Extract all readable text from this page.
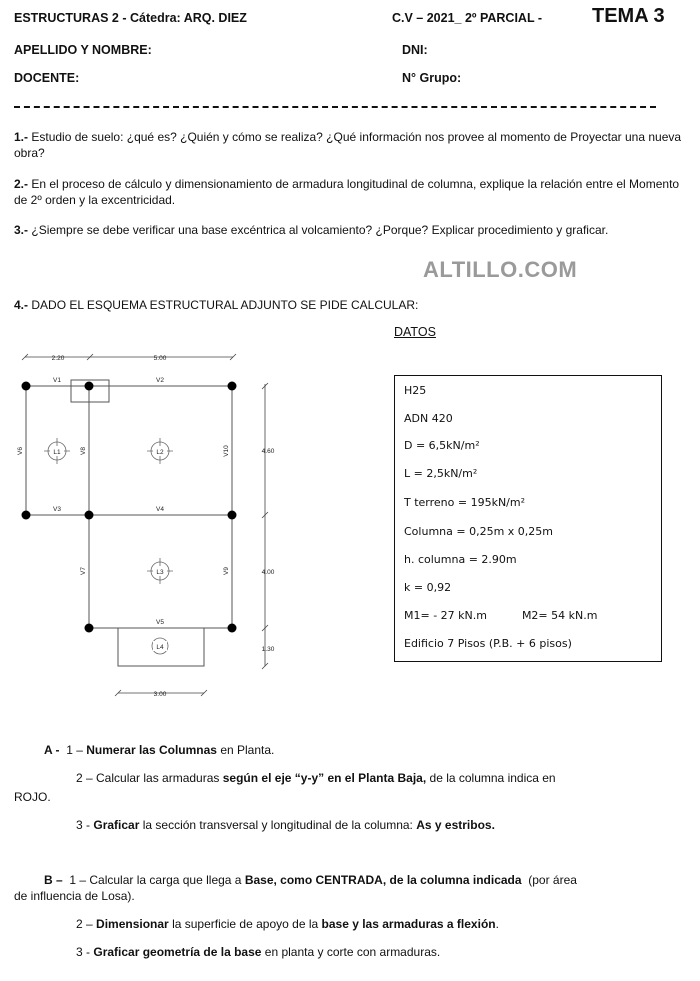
ESTRUCTURAS 2 - Cátedra: ARQ. DIEZ	C.V – 2021_ 2º PARCIAL -	TEMA 3
APELLIDO Y NOMBRE:	DNI:
DOCENTE:	N° Grupo:
1.- Estudio de suelo: ¿qué es? ¿Quién y cómo se realiza? ¿Qué información nos provee al momento de Proyectar una nueva obra?
2.- En el proceso de cálculo y dimensionamiento de armadura longitudinal de columna, explique la relación entre el Momento de 2º orden y la excentricidad.
3.- ¿Siempre se debe verificar una base excéntrica al volcamiento? ¿Porque? Explicar procedimiento y graficar.
ALTILLO.COM
4.- DADO EL ESQUEMA ESTRUCTURAL ADJUNTO SE PIDE CALCULAR:
DATOS
H25
ADN 420
D = 6,5kN/m²
L = 2,5kN/m²
T terreno = 195kN/m²
Columna = 0,25m x 0,25m
h. columna = 2.90m
k = 0,92
M1= - 27 kN.m          M2= 54 kN.m
Edificio 7 Pisos (P.B. + 6 pisos)
2.20	5.00
4.60
4.00
1.30
3.00
L1	L2
L3
L4
V1	V2
V3	V4
V5
V6
V7
V8
V9
V10
A - 1 – Numerar las Columnas en Planta.
2 – Calcular las armaduras según el eje “y-y” en el Planta Baja, de la columna indica en
ROJO.
3 - Graficar la sección transversal y longitudinal de la columna: As y estribos.
B – 1 – Calcular la carga que llega a Base, como CENTRADA, de la columna indicada (por área
de influencia de Losa).
2 – Dimensionar la superficie de apoyo de la base y las armaduras a flexión.
3 - Graficar geometría de la base en planta y corte con armaduras.
